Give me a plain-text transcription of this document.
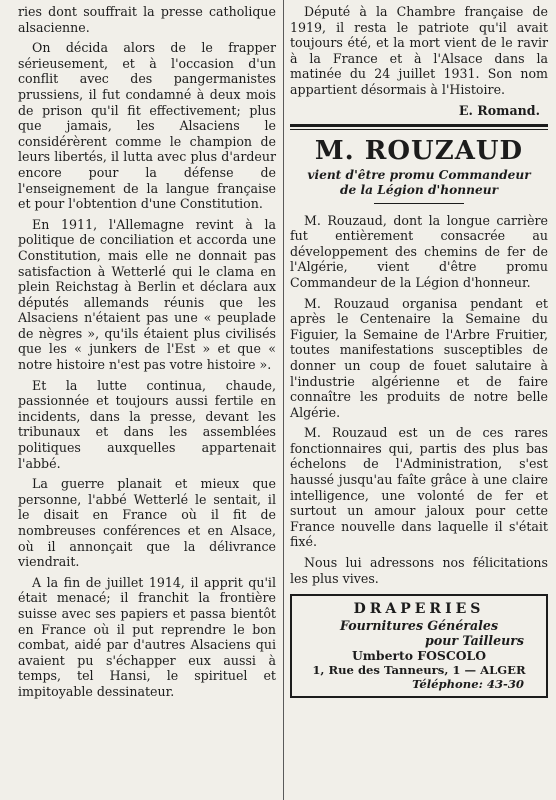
ries dont souffrait la presse catholique alsacienne.

On décida alors de le frapper sérieusement, et à l'occasion d'un conflit avec des pangermanistes prussiens, il fut condamné à deux mois de prison qu'il fit effectivement; plus que jamais, les Alsaciens le considérèrent comme le champion de leurs libertés, il lutta avec plus d'ardeur encore pour la défense de l'enseignement de la langue française et pour l'obtention d'une Constitution.

En 1911, l'Allemagne revint à la politique de conciliation et accorda une Constitution, mais elle ne donnait pas satisfaction à Wetterlé qui le clama en plein Reichstag à Berlin et déclara aux députés allemands réunis que les Alsaciens n'étaient pas une « peuplade de nègres », qu'ils étaient plus civilisés que les « junkers de l'Est » et que « notre histoire n'est pas votre histoire ».

Et la lutte continua, chaude, passionnée et toujours aussi fertile en incidents, dans la presse, devant les tribunaux et dans les assemblées politiques auxquelles appartenait l'abbé.

La guerre planait et mieux que personne, l'abbé Wetterlé le sentait, il le disait en France où il fit de nombreuses conférences et en Alsace, où il annonçait que la délivrance viendrait.

A la fin de juillet 1914, il apprit qu'il était menacé; il franchit la frontière suisse avec ses papiers et passa bientôt en France où il put reprendre le bon combat, aidé par d'autres Alsaciens qui avaient pu s'échapper eux aussi à temps, tel Hansi, le spirituel et impitoyable dessinateur.

Député à la Chambre française de 1919, il resta le patriote qu'il avait toujours été, et la mort vient de le ravir à la France et à l'Alsace dans la matinée du 24 juillet 1931. Son nom appartient désormais à l'Histoire.

E. Romand.
M. ROUZAUD
vient d'être promu Commandeur
de la Légion d'honneur

M. Rouzaud, dont la longue carrière fut entièrement consacrée au développement des chemins de fer de l'Algérie, vient d'être promu Commandeur de la Légion d'honneur.

M. Rouzaud organisa pendant et après le Centenaire la Semaine du Figuier, la Semaine de l'Arbre Fruitier, toutes manifestations susceptibles de donner un coup de fouet salutaire à l'industrie algérienne et de faire connaître les produits de notre belle Algérie.

M. Rouzaud est un de ces rares fonctionnaires qui, partis des plus bas échelons de l'Administration, s'est haussé jusqu'au faîte grâce à une claire intelligence, une volonté de fer et surtout un amour jaloux pour cette France nouvelle dans laquelle il s'était fixé.

Nous lui adressons nos félicitations les plus vives.

DRAPERIES
Fournitures Générales
pour Tailleurs
Umberto FOSCOLO
1, Rue des Tanneurs, 1 — ALGER
Téléphone: 43-30
